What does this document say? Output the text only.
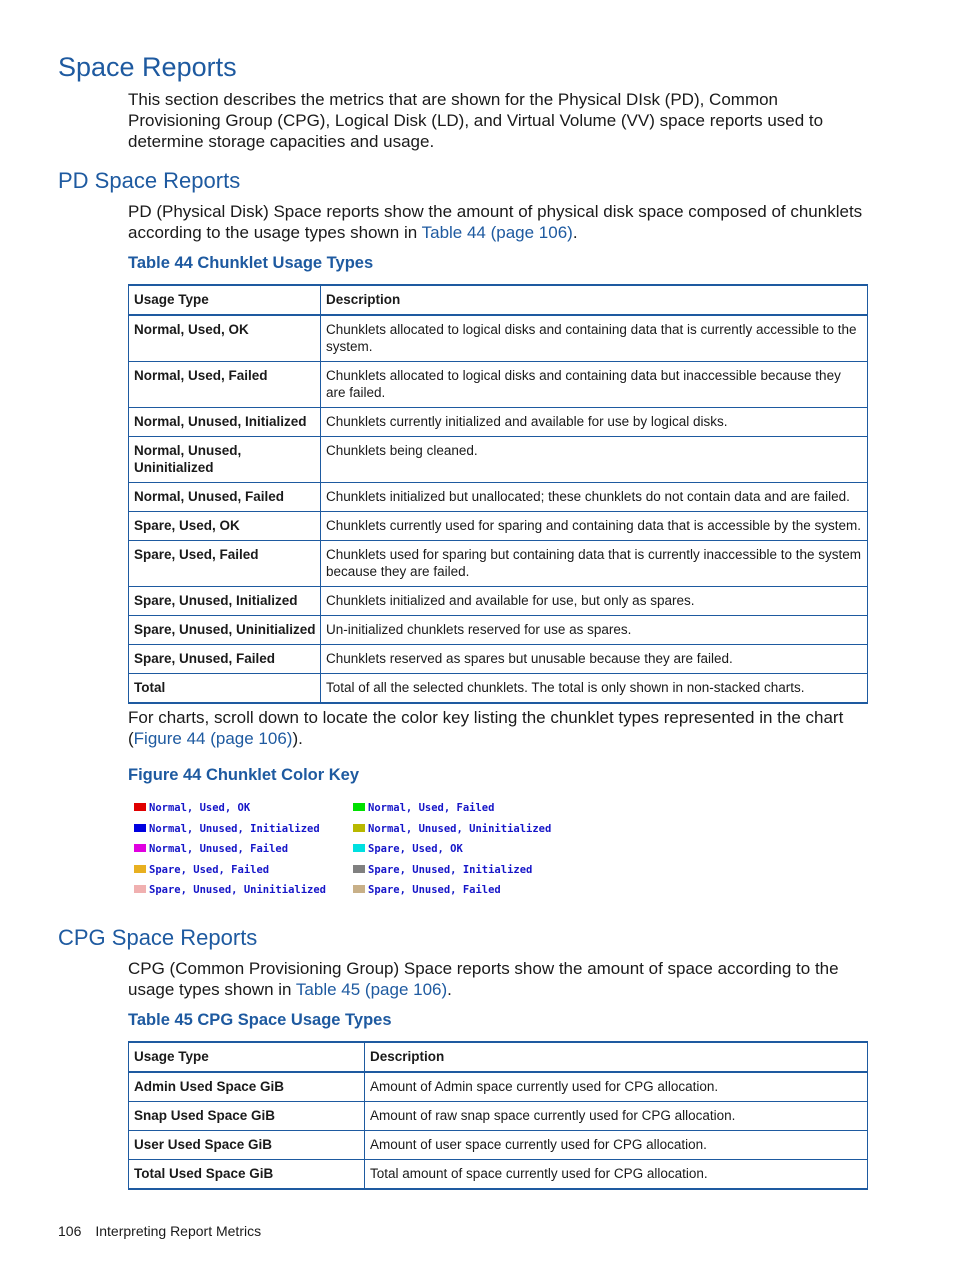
Space Reports

This section describes the metrics that are shown for the Physical DIsk (PD), Common Provisioning Group (CPG), Logical Disk (LD), and Virtual Volume (VV) space reports used to determine storage capacities and usage.

PD Space Reports

PD (Physical Disk) Space reports show the amount of physical disk space composed of chunklets according to the usage types shown in Table 44 (page 106).

Table 44 Chunklet Usage Types
Usage Type	Description
Normal, Used, OK	Chunklets allocated to logical disks and containing data that is currently accessible to the system.
Normal, Used, Failed	Chunklets allocated to logical disks and containing data but inaccessible because they are failed.
Normal, Unused, Initialized	Chunklets currently initialized and available for use by logical disks.
Normal, Unused, Uninitialized	Chunklets being cleaned.
Normal, Unused, Failed	Chunklets initialized but unallocated; these chunklets do not contain data and are failed.
Spare, Used, OK	Chunklets currently used for sparing and containing data that is accessible by the system.
Spare, Used, Failed	Chunklets used for sparing but containing data that is currently inaccessible to the system because they are failed.
Spare, Unused, Initialized	Chunklets initialized and available for use, but only as spares.
Spare, Unused, Uninitialized	Un-initialized chunklets reserved for use as spares.
Spare, Unused, Failed	Chunklets reserved as spares but unusable because they are failed.
Total	Total of all the selected chunklets. The total is only shown in non-stacked charts.

For charts, scroll down to locate the color key listing the chunklet types represented in the chart (Figure 44 (page 106)).

Figure 44 Chunklet Color Key
Normal, Used, OK	Normal, Used, Failed
Normal, Unused, Initialized	Normal, Unused, Uninitialized
Normal, Unused, Failed	Spare, Used, OK
Spare, Used, Failed	Spare, Unused, Initialized
Spare, Unused, Uninitialized	Spare, Unused, Failed
CPG Space Reports

CPG (Common Provisioning Group) Space reports show the amount of space according to the usage types shown in Table 45 (page 106).

Table 45 CPG Space Usage Types
Usage Type	Description
Admin Used Space GiB	Amount of Admin space currently used for CPG allocation.
Snap Used Space GiB	Amount of raw snap space currently used for CPG allocation.
User Used Space GiB	Amount of user space currently used for CPG allocation.
Total Used Space GiB	Total amount of space currently used for CPG allocation.
106 Interpreting Report Metrics
